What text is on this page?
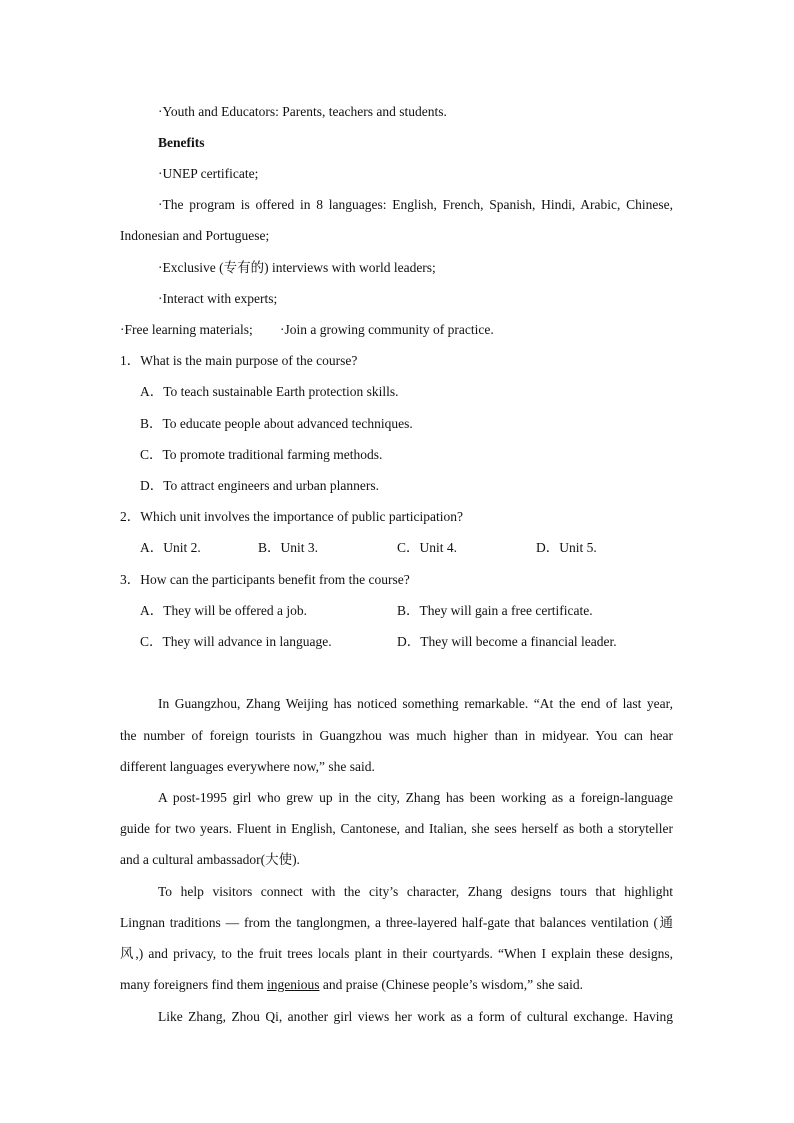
·Youth and Educators: Parents, teachers and students.
Benefits
·UNEP certificate;
·The program is offered in 8 languages: English, French, Spanish, Hindi, Arabic, Chinese,
Indonesian and Portuguese;
·Exclusive (专有的) interviews with world leaders;
·Interact with experts;
·Free learning materials; ·Join a growing community of practice.
1．What is the main purpose of the course?
A．To teach sustainable Earth protection skills.
B．To educate people about advanced techniques.
C．To promote traditional farming methods.
D．To attract engineers and urban planners.
2．Which unit involves the importance of public participation?
A．Unit 2.	B．Unit 3.	C．Unit 4.	D．Unit 5.
3．How can the participants benefit from the course?
A．They will be offered a job.	B．They will gain a free certificate.
C．They will advance in language.	D．They will become a financial leader.
In Guangzhou, Zhang Weijing has noticed something remarkable. “At the end of last year,
the number of foreign tourists in Guangzhou was much higher than in midyear. You can hear
different languages everywhere now,” she said.
A post-1995 girl who grew up in the city, Zhang has been working as a foreign-language
guide for two years. Fluent in English, Cantonese, and Italian, she sees herself as both a storyteller
and a cultural ambassador(大使).
To help visitors connect with the city’s character, Zhang designs tours that highlight
Lingnan traditions — from the tanglongmen, a three-layered half-gate that balances ventilation (通
风,) and privacy, to the fruit trees locals plant in their courtyards. “When I explain these designs,
many foreigners find them ingenious and praise (Chinese people’s wisdom,” she said.
Like Zhang, Zhou Qi, another girl views her work as a form of cultural exchange. Having
